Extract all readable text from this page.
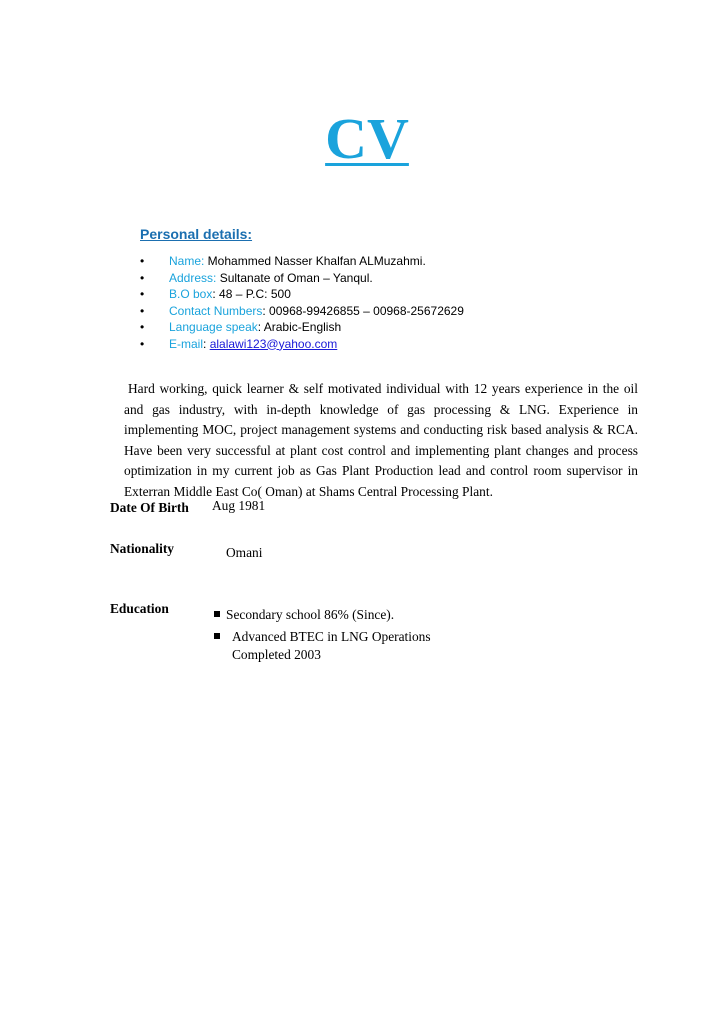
CV
Personal details:
• Name: Mohammed Nasser Khalfan ALMuzahmi.
• Address: Sultanate of Oman – Yanqul.
• B.O box: 48 – P.C: 500
• Contact Numbers: 00968-99426855 – 00968-25672629
• Language speak: Arabic-English
• E-mail: alalawi123@yahoo.com

Hard working, quick learner & self motivated individual with 12 years experience in the oil and gas industry, with in-depth knowledge of gas processing & LNG. Experience in implementing MOC, project management systems and conducting risk based analysis & RCA. Have been very successful at plant cost control and implementing plant changes and process optimization in my current job as Gas Plant Production lead and control room supervisor in Exterran Middle East Co( Oman) at Shams Central Processing Plant.

Date Of Birth Aug 1981
Nationality	Omani
Education	Secondary school 86% (Since).
Advanced BTEC in LNG Operations
Completed 2003
